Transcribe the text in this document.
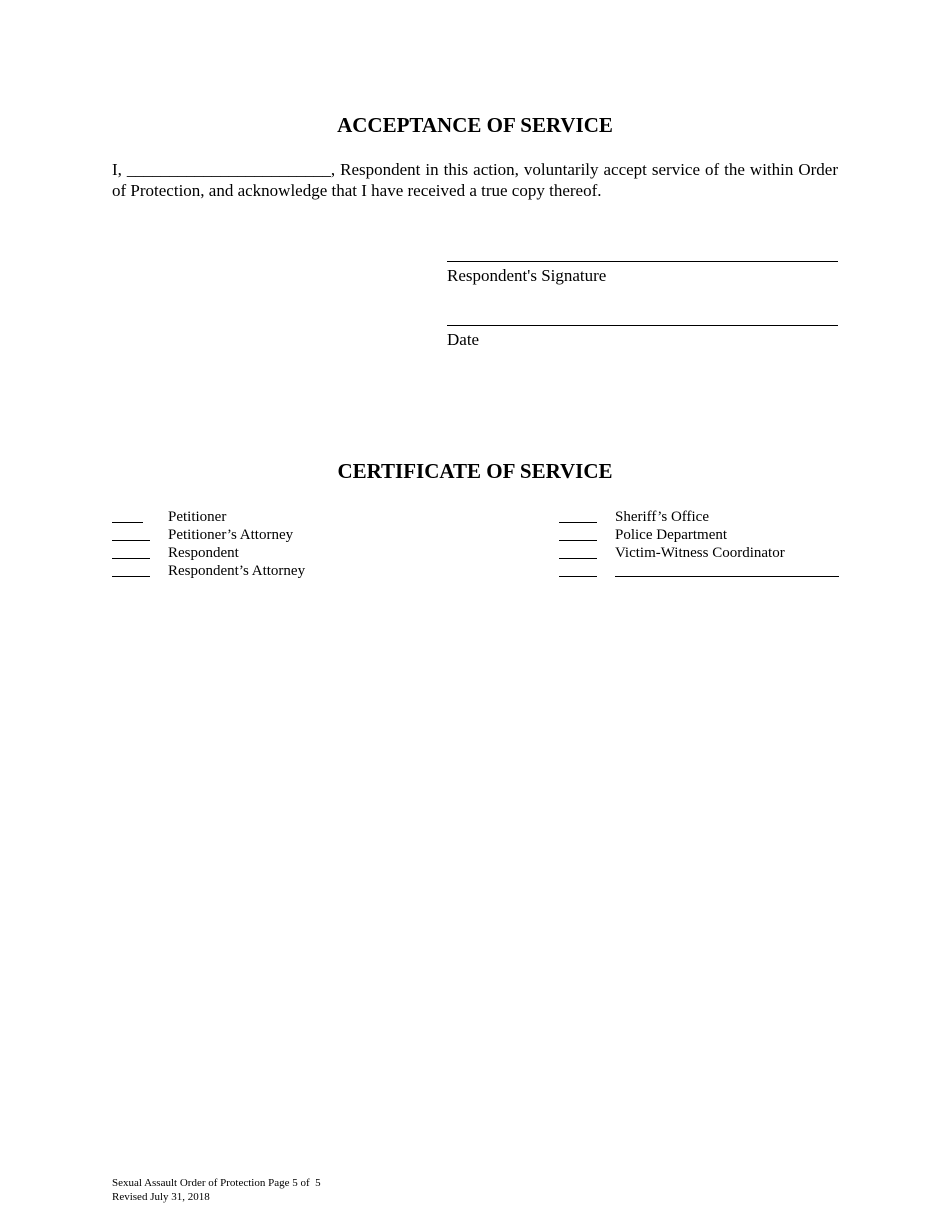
ACCEPTANCE OF SERVICE

I, ________________________, Respondent in this action, voluntarily accept service of the within Order of Protection, and acknowledge that I have received a true copy thereof.

Respondent's Signature
Date
CERTIFICATE OF SERVICE
Petitioner
Petitioner’s Attorney
Respondent
Respondent’s Attorney
Sheriff’s Office
Police Department
Victim-Witness Coordinator
Sexual Assault Order of Protection Page 5 of  5
Revised July 31, 2018
